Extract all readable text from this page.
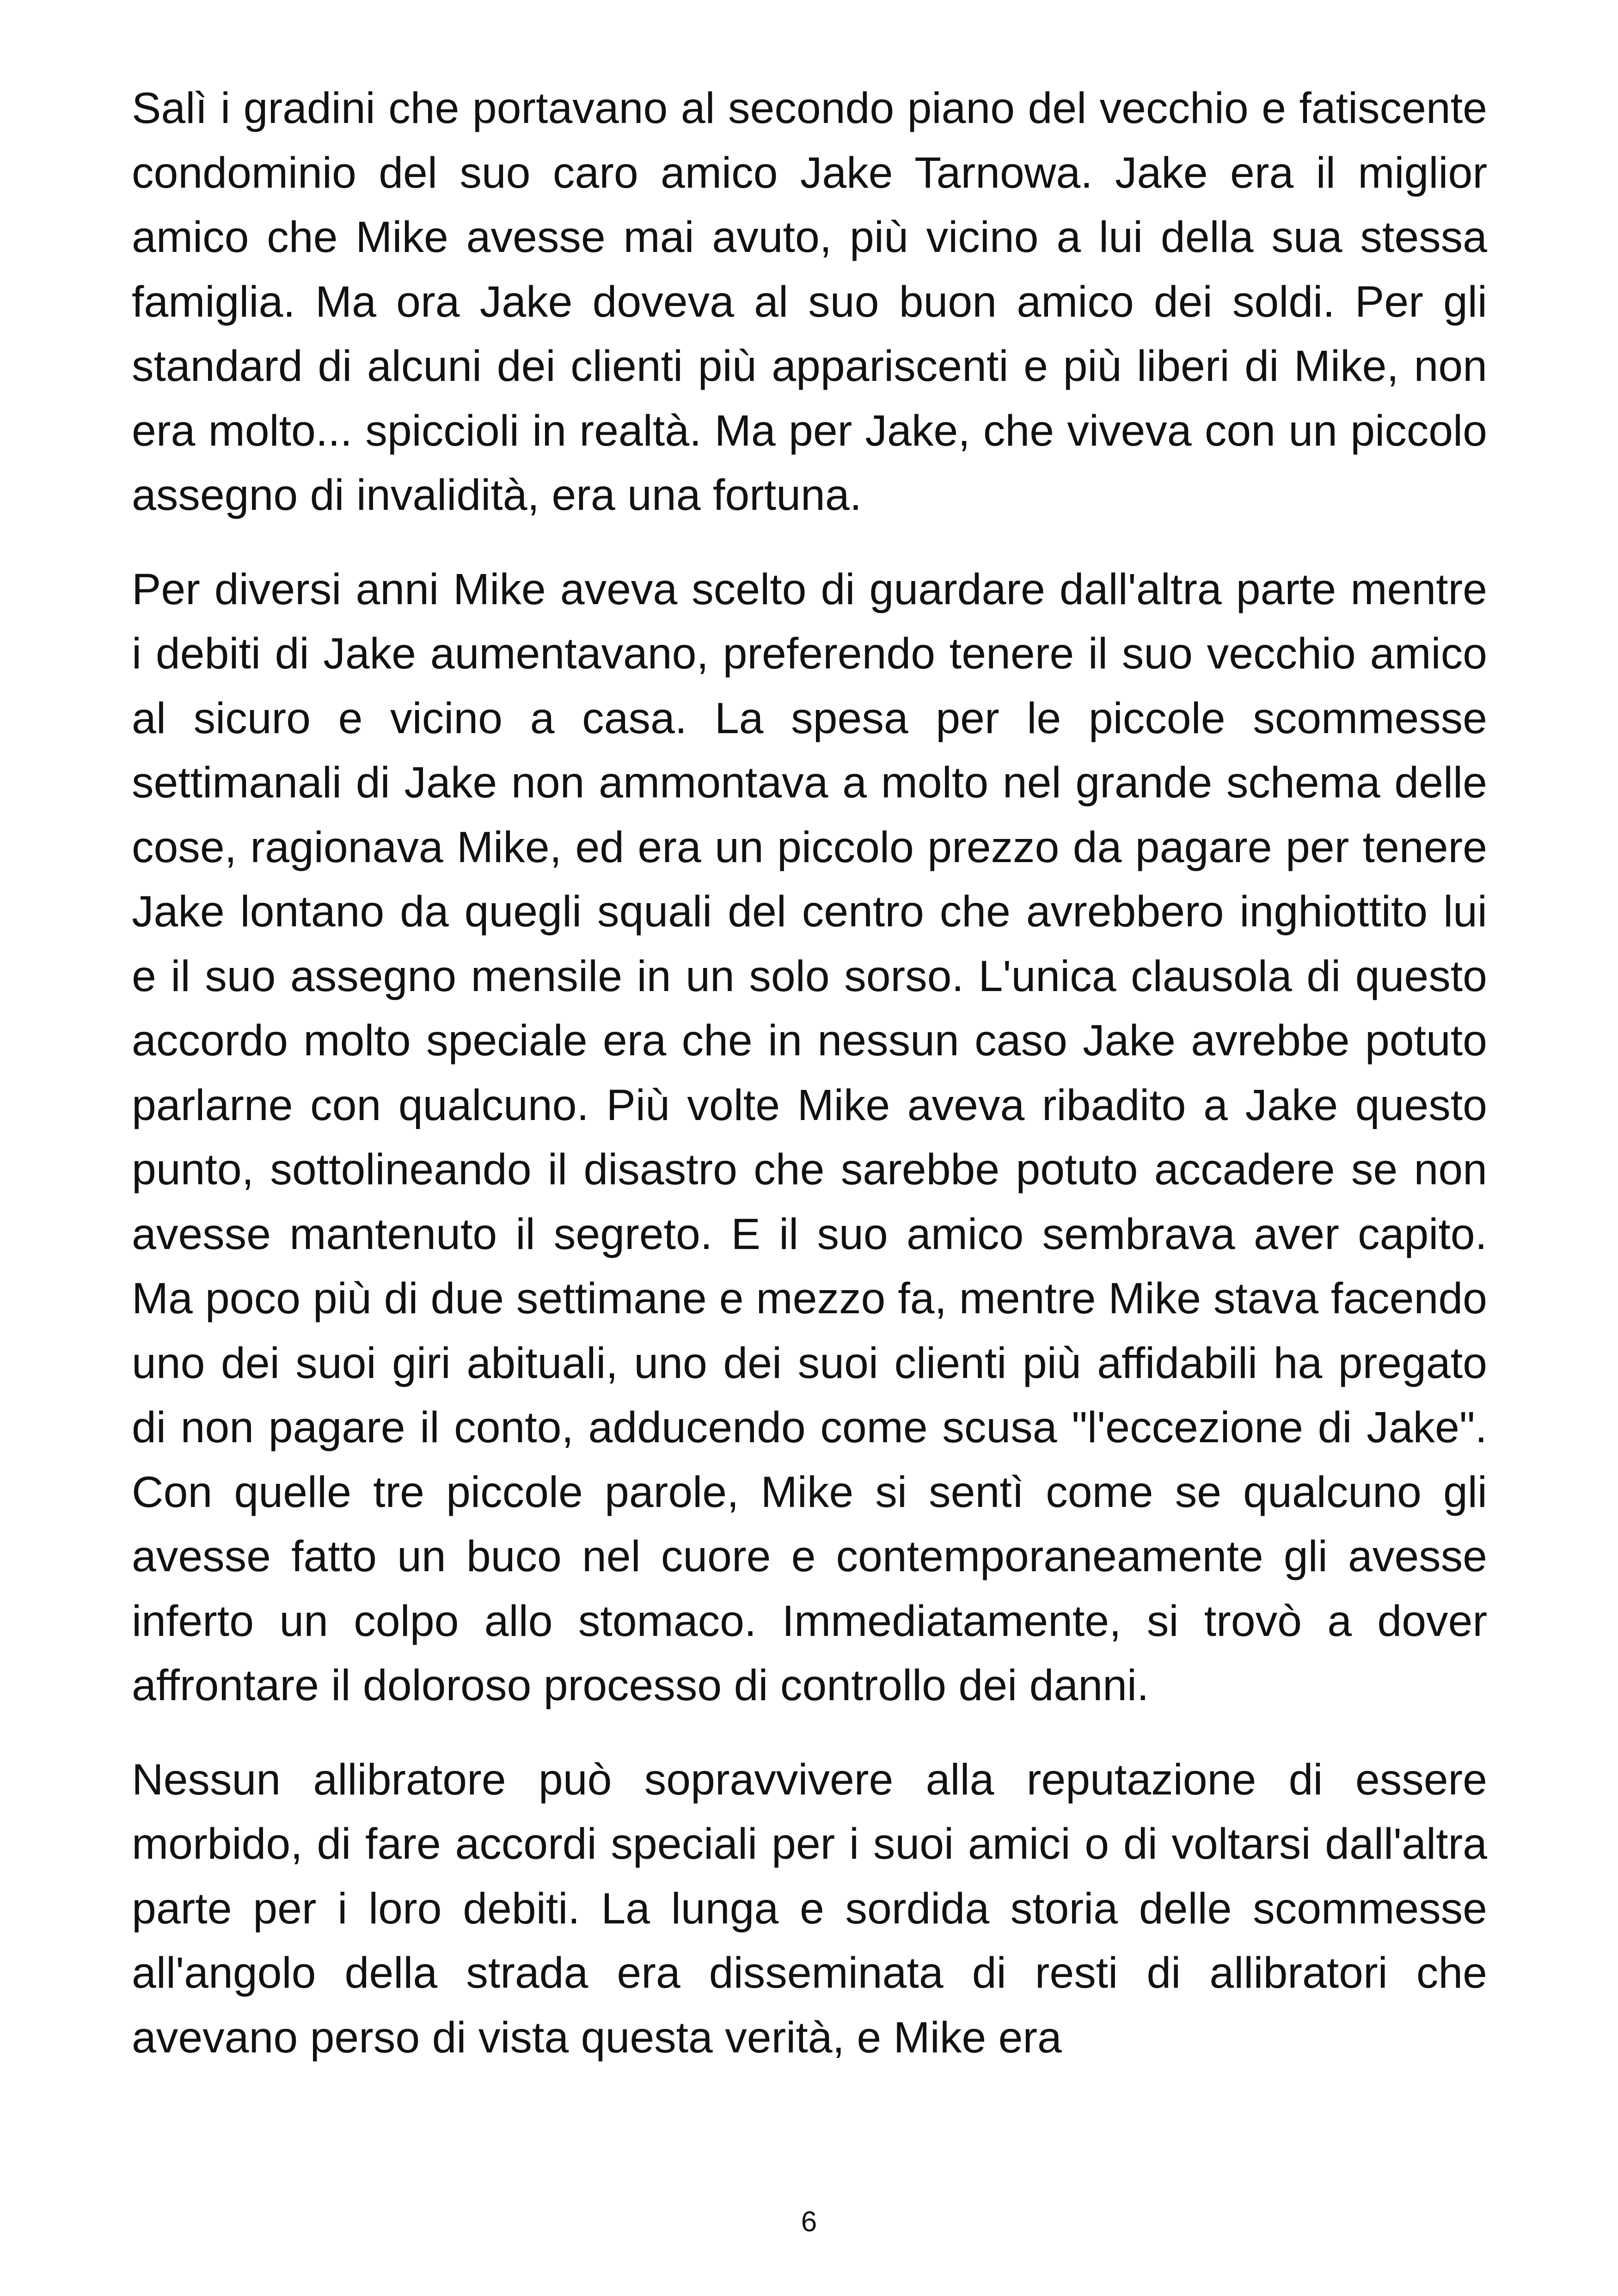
Salì i gradini che portavano al secondo piano del vecchio e fatiscente condominio del suo caro amico Jake Tarnowa. Jake era il miglior amico che Mike avesse mai avuto, più vicino a lui della sua stessa famiglia. Ma ora Jake doveva al suo buon amico dei soldi. Per gli standard di alcuni dei clienti più appariscenti e più liberi di Mike, non era molto... spiccioli in realtà. Ma per Jake, che viveva con un piccolo assegno di invalidità, era una fortuna.

Per diversi anni Mike aveva scelto di guardare dall'altra parte mentre i debiti di Jake aumentavano, preferendo tenere il suo vecchio amico al sicuro e vicino a casa. La spesa per le piccole scommesse settimanali di Jake non ammontava a molto nel grande schema delle cose, ragionava Mike, ed era un piccolo prezzo da pagare per tenere Jake lontano da quegli squali del centro che avrebbero inghiottito lui e il suo assegno mensile in un solo sorso. L'unica clausola di questo accordo molto speciale era che in nessun caso Jake avrebbe potuto parlarne con qualcuno. Più volte Mike aveva ribadito a Jake questo punto, sottolineando il disastro che sarebbe potuto accadere se non avesse mantenuto il segreto. E il suo amico sembrava aver capito. Ma poco più di due settimane e mezzo fa, mentre Mike stava facendo uno dei suoi giri abituali, uno dei suoi clienti più affidabili ha pregato di non pagare il conto, adducendo come scusa "l'eccezione di Jake". Con quelle tre piccole parole, Mike si sentì come se qualcuno gli avesse fatto un buco nel cuore e contemporaneamente gli avesse inferto un colpo allo stomaco. Immediatamente, si trovò a dover affrontare il doloroso processo di controllo dei danni.

Nessun allibratore può sopravvivere alla reputazione di essere morbido, di fare accordi speciali per i suoi amici o di voltarsi dall'altra parte per i loro debiti. La lunga e sordida storia delle scommesse all'angolo della strada era disseminata di resti di allibratori che avevano perso di vista questa verità, e Mike era

6
